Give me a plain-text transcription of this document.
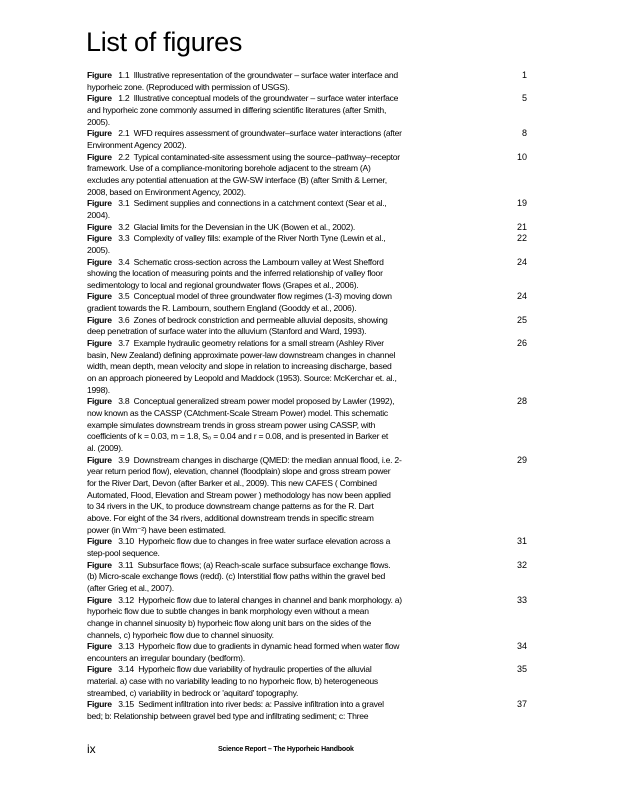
List of figures
Figure 1.1 Illustrative representation of the groundwater – surface water interface and
hyporheic zone. (Reproduced with permission of USGS).
1
Figure 1.2 Illustrative conceptual models of the groundwater – surface water interface
and hyporheic zone commonly assumed in differing scientific literatures (after Smith,
2005).
5
Figure 2.1 WFD requires assessment of groundwater–surface water interactions (after
Environment Agency 2002).
8
Figure 2.2 Typical contaminated-site assessment using the source–pathway–receptor
framework. Use of a compliance-monitoring borehole adjacent to the stream (A)
excludes any potential attenuation at the GW-SW interface (B) (after Smith & Lerner,
2008, based on Environment Agency, 2002).
10
Figure 3.1 Sediment supplies and connections in a catchment context (Sear et al.,
2004).
19
Figure 3.2 Glacial limits for the Devensian in the UK (Bowen et al., 2002).	21
Figure 3.3 Complexity of valley fills: example of the River North Tyne (Lewin et al.,
2005).
22
Figure 3.4 Schematic cross-section across the Lambourn valley at West Shefford
showing the location of measuring points and the inferred relationship of valley floor
sedimentology to local and regional groundwater flows (Grapes et al., 2006).
24
Figure 3.5 Conceptual model of three groundwater flow regimes (1-3) moving down
gradient towards the R. Lambourn, southern England (Gooddy et al., 2006).
24
Figure 3.6 Zones of bedrock constriction and permeable alluvial deposits, showing
deep penetration of surface water into the alluvium (Stanford and Ward, 1993).
25
Figure 3.7 Example hydraulic geometry relations for a small stream (Ashley River
basin, New Zealand) defining approximate power-law downstream changes in channel
width, mean depth, mean velocity and slope in relation to increasing discharge, based
on an approach pioneered by Leopold and Maddock (1953). Source: McKerchar et. al.,
1998).
26
Figure 3.8 Conceptual generalized stream power model proposed by Lawler (1992),
now known as the CASSP (CAtchment-Scale Stream Power) model. This schematic
example simulates downstream trends in gross stream power using CASSP, with
coefficients of k = 0.03, m = 1.8, S₀ = 0.04 and r = 0.08, and is presented in Barker et
al. (2009).
28
Figure 3.9 Downstream changes in discharge (QMED: the median annual flood, i.e. 2-
year return period flow), elevation, channel (floodplain) slope and gross stream power
for the River Dart, Devon (after Barker et al., 2009). This new CAFES ( Combined
Automated, Flood, Elevation and Stream power ) methodology has now been applied
to 34 rivers in the UK, to produce downstream change patterns as for the R. Dart
above. For eight of the 34 rivers, additional downstream trends in specific stream
power (in Wm⁻²) have been estimated.
29
Figure 3.10 Hyporheic flow due to changes in free water surface elevation across a
step-pool sequence.
31
Figure 3.11 Subsurface flows; (a) Reach-scale surface subsurface exchange flows.
(b) Micro-scale exchange flows (redd). (c) Interstitial flow paths within the gravel bed
(after Grieg et al., 2007).
32
Figure 3.12 Hyporheic flow due to lateral changes in channel and bank morphology. a)
hyporheic flow due to subtle changes in bank morphology even without a mean
change in channel sinuosity b) hyporheic flow along unit bars on the sides of the
channels, c) hyporheic flow due to channel sinuosity.
33
Figure 3.13 Hyporheic flow due to gradients in dynamic head formed when water flow
encounters an irregular boundary (bedform).
34
Figure 3.14 Hyporheic flow due variability of hydraulic properties of the alluvial
material. a) case with no variability leading to no hyporheic flow, b) heterogeneous
streambed, c) variability in bedrock or 'aquitard' topography.
35
Figure 3.15 Sediment infiltration into river beds: a: Passive infiltration into a gravel
bed; b: Relationship between gravel bed type and infiltrating sediment; c: Three
37
ix	Science Report – The Hyporheic Handbook
